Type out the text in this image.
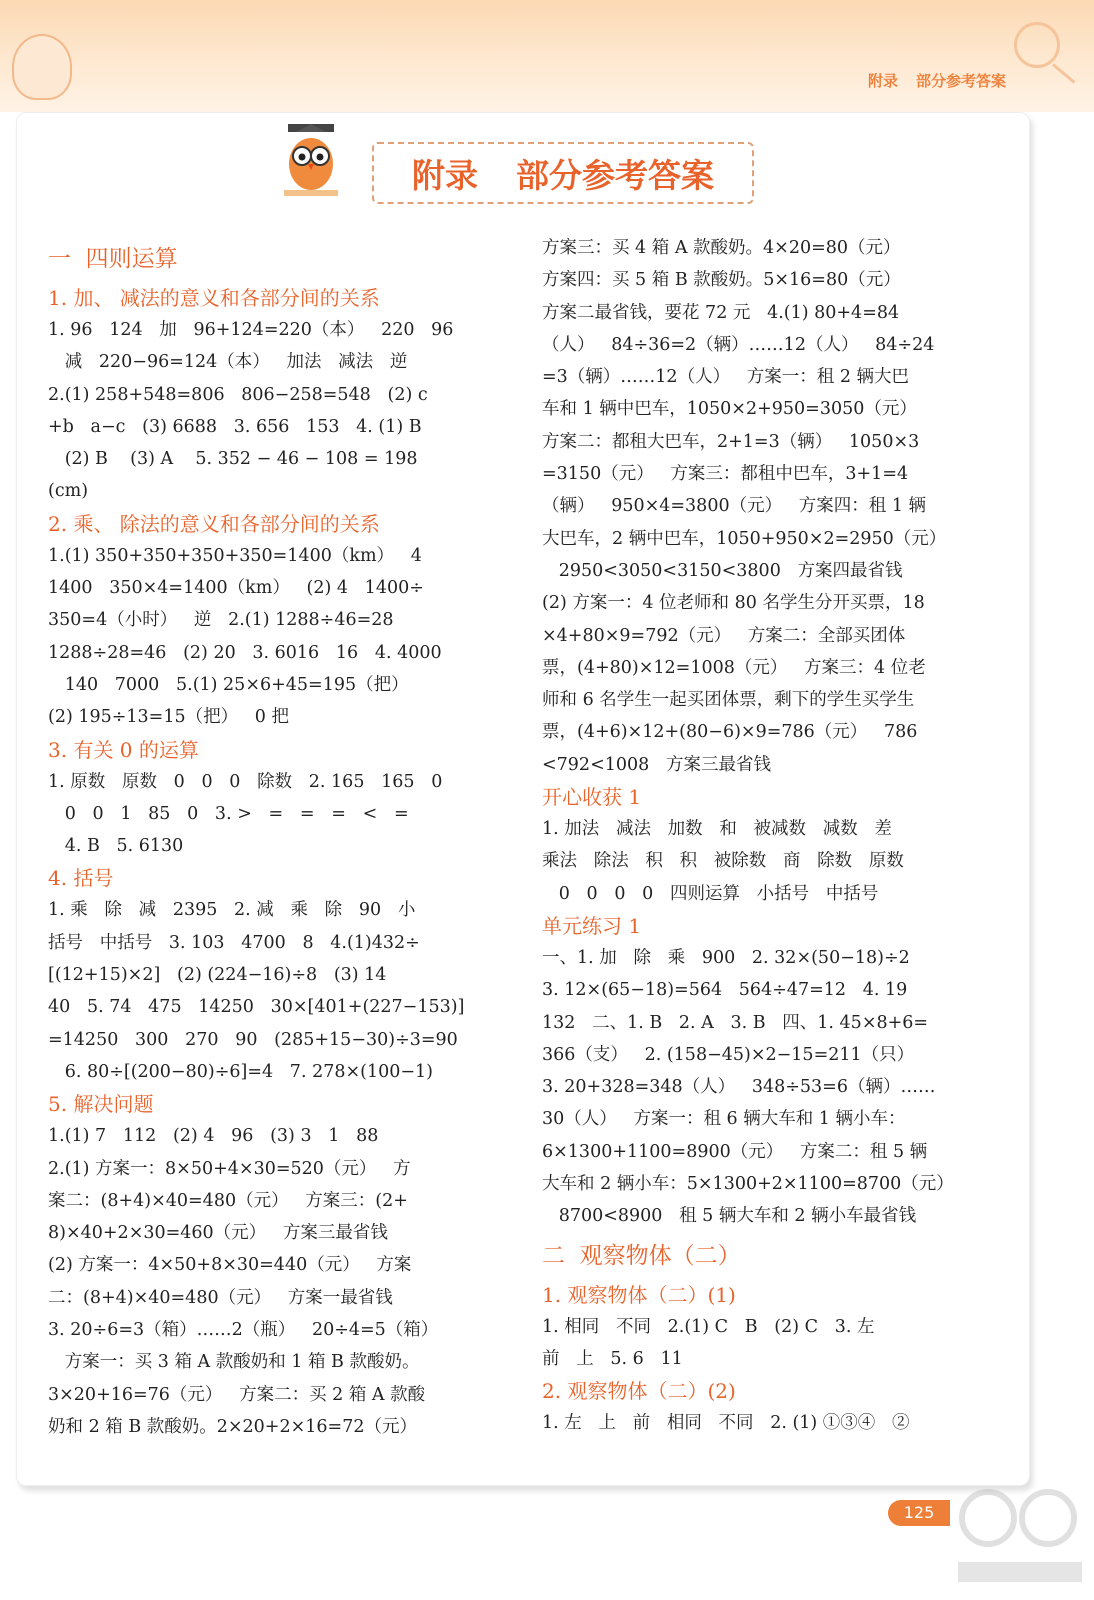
附录 部分参考答案
附录 部分参考答案
一  四则运算
1. 加、 减法的意义和各部分间的关系
1. 96   124   加   96+124=220（本）   220   96
减   220−96=124（本）   加法   减法   逆
2.(1) 258+548=806   806−258=548   (2) c
+b   a−c   (3) 6688   3. 656   153   4. (1) B
(2) B    (3) A    5. 352 − 46 − 108 = 198
(cm)
2. 乘、 除法的意义和各部分间的关系
1.(1) 350+350+350+350=1400（km）   4
1400   350×4=1400（km）   (2) 4   1400÷
350=4（小时）   逆   2.(1) 1288÷46=28
1288÷28=46   (2) 20   3. 6016   16   4. 4000
140   7000   5.(1) 25×6+45=195（把）
(2) 195÷13=15（把）   0 把
3. 有关 0 的运算
1. 原数   原数   0   0   0   除数   2. 165   165   0
0   0   1   85   0   3. >   =   =   =   <   =
4. B   5. 6130
4. 括号
1. 乘   除   减   2395   2. 减   乘   除   90   小
括号   中括号   3. 103   4700   8   4.(1)432÷
[(12+15)×2]   (2) (224−16)÷8   (3) 14
40   5. 74   475   14250   30×[401+(227−153)]
=14250   300   270   90   (285+15−30)÷3=90
6. 80÷[(200−80)÷6]=4   7. 278×(100−1)
5. 解决问题
1.(1) 7   112   (2) 4   96   (3) 3   1   88
2.(1) 方案一：8×50+4×30=520（元）   方
案二：(8+4)×40=480（元）   方案三：(2+
8)×40+2×30=460（元）   方案三最省钱
(2) 方案一：4×50+8×30=440（元）   方案
二：(8+4)×40=480（元）   方案一最省钱
3. 20÷6=3（箱）……2（瓶）   20÷4=5（箱）
方案一：买 3 箱 A 款酸奶和 1 箱 B 款酸奶。
3×20+16=76（元）   方案二：买 2 箱 A 款酸
奶和 2 箱 B 款酸奶。2×20+2×16=72（元）
方案三：买 4 箱 A 款酸奶。4×20=80（元）
方案四：买 5 箱 B 款酸奶。5×16=80（元）
方案二最省钱，要花 72 元   4.(1) 80+4=84
（人）   84÷36=2（辆）……12（人）   84÷24
=3（辆）……12（人）   方案一：租 2 辆大巴
车和 1 辆中巴车，1050×2+950=3050（元）
方案二：都租大巴车，2+1=3（辆）   1050×3
=3150（元）   方案三：都租中巴车，3+1=4
（辆）   950×4=3800（元）   方案四：租 1 辆
大巴车，2 辆中巴车，1050+950×2=2950（元）
2950<3050<3150<3800   方案四最省钱
(2) 方案一：4 位老师和 80 名学生分开买票，18
×4+80×9=792（元）   方案二：全部买团体
票，(4+80)×12=1008（元）   方案三：4 位老
师和 6 名学生一起买团体票，剩下的学生买学生
票，(4+6)×12+(80−6)×9=786（元）   786
<792<1008   方案三最省钱
开心收获 1
1. 加法   减法   加数   和   被减数   减数   差
乘法   除法   积   积   被除数   商   除数   原数
0   0   0   0   四则运算   小括号   中括号
单元练习 1
一、1. 加   除   乘   900   2. 32×(50−18)÷2
3. 12×(65−18)=564   564÷47=12   4. 19
132   二、1. B   2. A   3. B   四、1. 45×8+6=
366（支）   2. (158−45)×2−15=211（只）
3. 20+328=348（人）   348÷53=6（辆）……
30（人）   方案一：租 6 辆大车和 1 辆小车：
6×1300+1100=8900（元）   方案二：租 5 辆
大车和 2 辆小车：5×1300+2×1100=8700（元）
8700<8900   租 5 辆大车和 2 辆小车最省钱
二  观察物体（二）
1. 观察物体（二）(1)
1. 相同   不同   2.(1) C   B   (2) C   3. 左
前   上   5. 6   11
2. 观察物体（二）(2)
1. 左   上   前   相同   不同   2. (1) ①③④   ②
125
